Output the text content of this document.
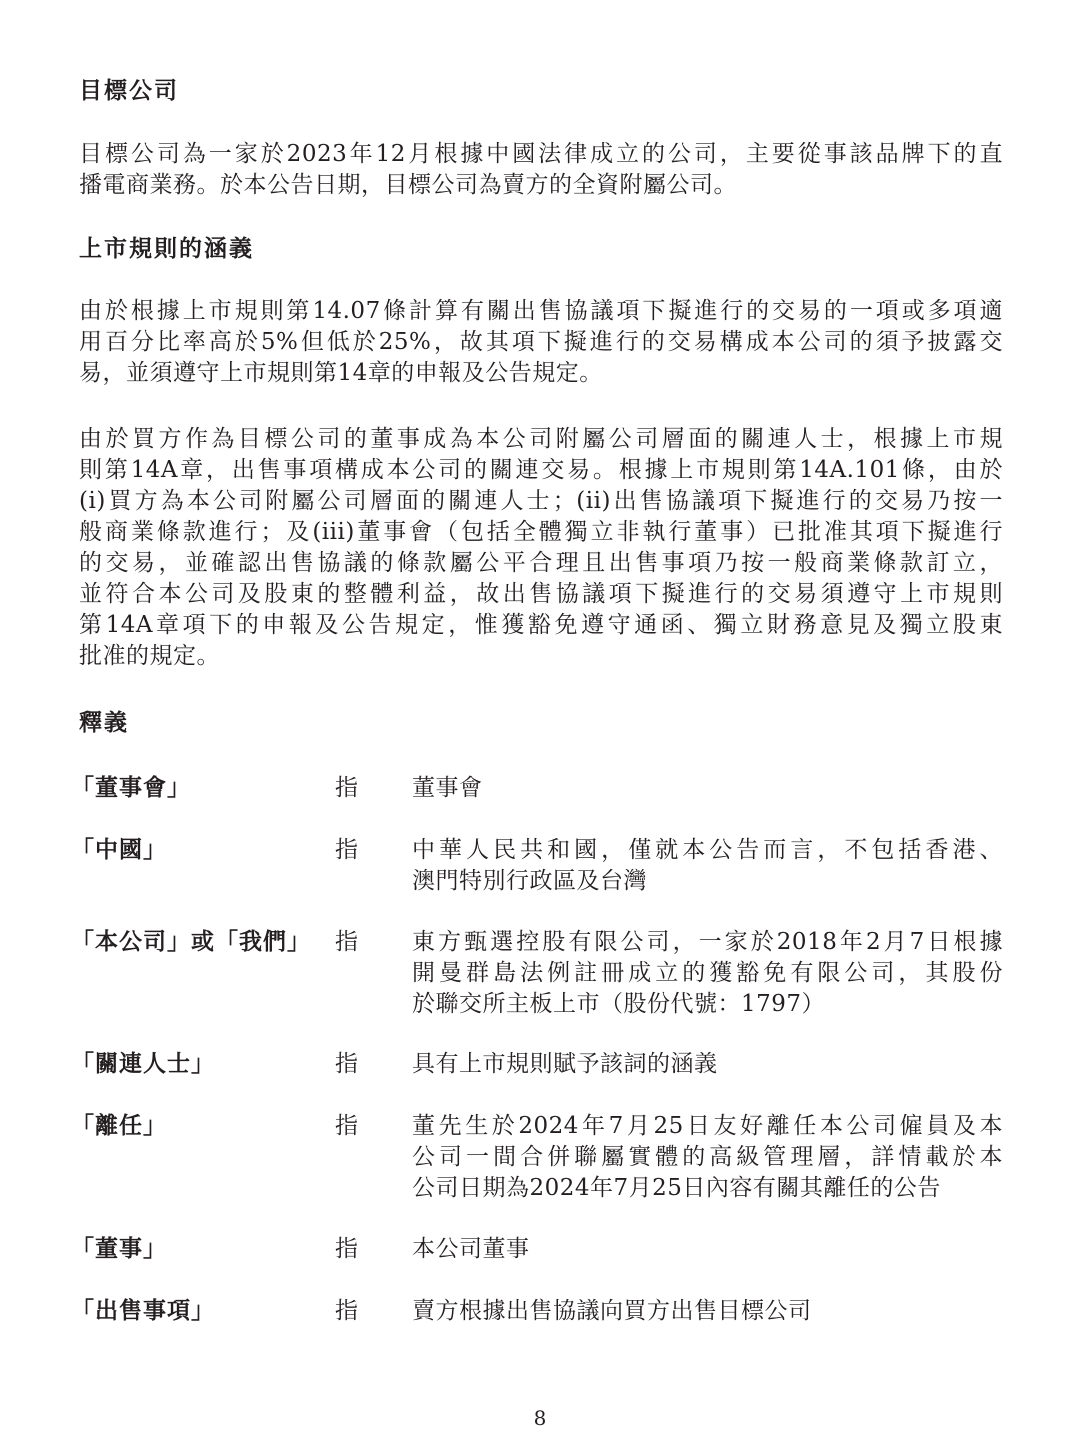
目標公司
目標公司為一家於2023年12月根據中國法律成立的公司，主要從事該品牌下的直
播電商業務。於本公告日期，目標公司為賣方的全資附屬公司。
上市規則的涵義
由於根據上市規則第14.07條計算有關出售協議項下擬進行的交易的一項或多項適
用百分比率高於5%但低於25%，故其項下擬進行的交易構成本公司的須予披露交
易，並須遵守上市規則第14章的申報及公告規定。
由於買方作為目標公司的董事成為本公司附屬公司層面的關連人士，根據上市規
則第14A章，出售事項構成本公司的關連交易。根據上市規則第14A.101條，由於
(i)買方為本公司附屬公司層面的關連人士；(ii)出售協議項下擬進行的交易乃按一
般商業條款進行；及(iii)董事會（包括全體獨立非執行董事）已批准其項下擬進行
的交易，並確認出售協議的條款屬公平合理且出售事項乃按一般商業條款訂立，
並符合本公司及股東的整體利益，故出售協議項下擬進行的交易須遵守上市規則
第14A章項下的申報及公告規定，惟獲豁免遵守通函、獨立財務意見及獨立股東
批准的規定。
釋義
「董事會」	指 董事會
「中國」	指 中華人民共和國，僅就本公告而言，不包括香港、
澳門特別行政區及台灣
「本公司」或「我們」 指 東方甄選控股有限公司，一家於2018年2月7日根據
開曼群島法例註冊成立的獲豁免有限公司，其股份
於聯交所主板上市（股份代號：1797）
「關連人士」	指 具有上市規則賦予該詞的涵義
「離任」	指 董先生於2024年7月25日友好離任本公司僱員及本
公司一間合併聯屬實體的高級管理層，詳情載於本
公司日期為2024年7月25日內容有關其離任的公告
「董事」	指 本公司董事
「出售事項」	指 賣方根據出售協議向買方出售目標公司
8
